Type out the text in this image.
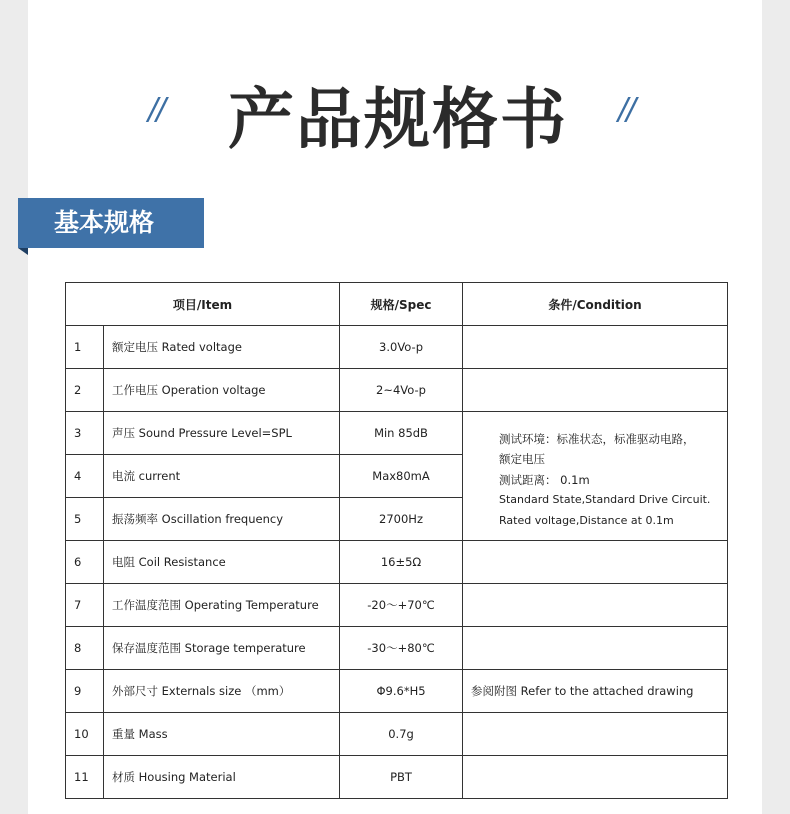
// 产品规格书	//
基本规格
项目/Item		规格/Spec	条件/Condition
1	额定电压 Rated voltage	3.0Vo-p	
2	工作电压 Operation voltage	2~4Vo-p	
3	声压 Sound Pressure Level=SPL	Min 85dB	测试环境：标准状态，标准驱动电路，
额定电压
测试距离： 0.1m
Standard State,Standard Drive Circuit.
Rated voltage,Distance at 0.1m

4	电流 current	Max80mA	
5	振荡频率 Oscillation frequency	2700Hz	
6	电阻 Coil Resistance	16±5Ω	
7	工作温度范围 Operating Temperature	-20～+70℃	
8	保存温度范围 Storage temperature	-30～+80℃	
9	外部尺寸 Externals size （mm）	Φ9.6*H5	参阅附图 Refer to the attached drawing
10	重量 Mass	0.7g	
11	材质 Housing Material	PBT	
